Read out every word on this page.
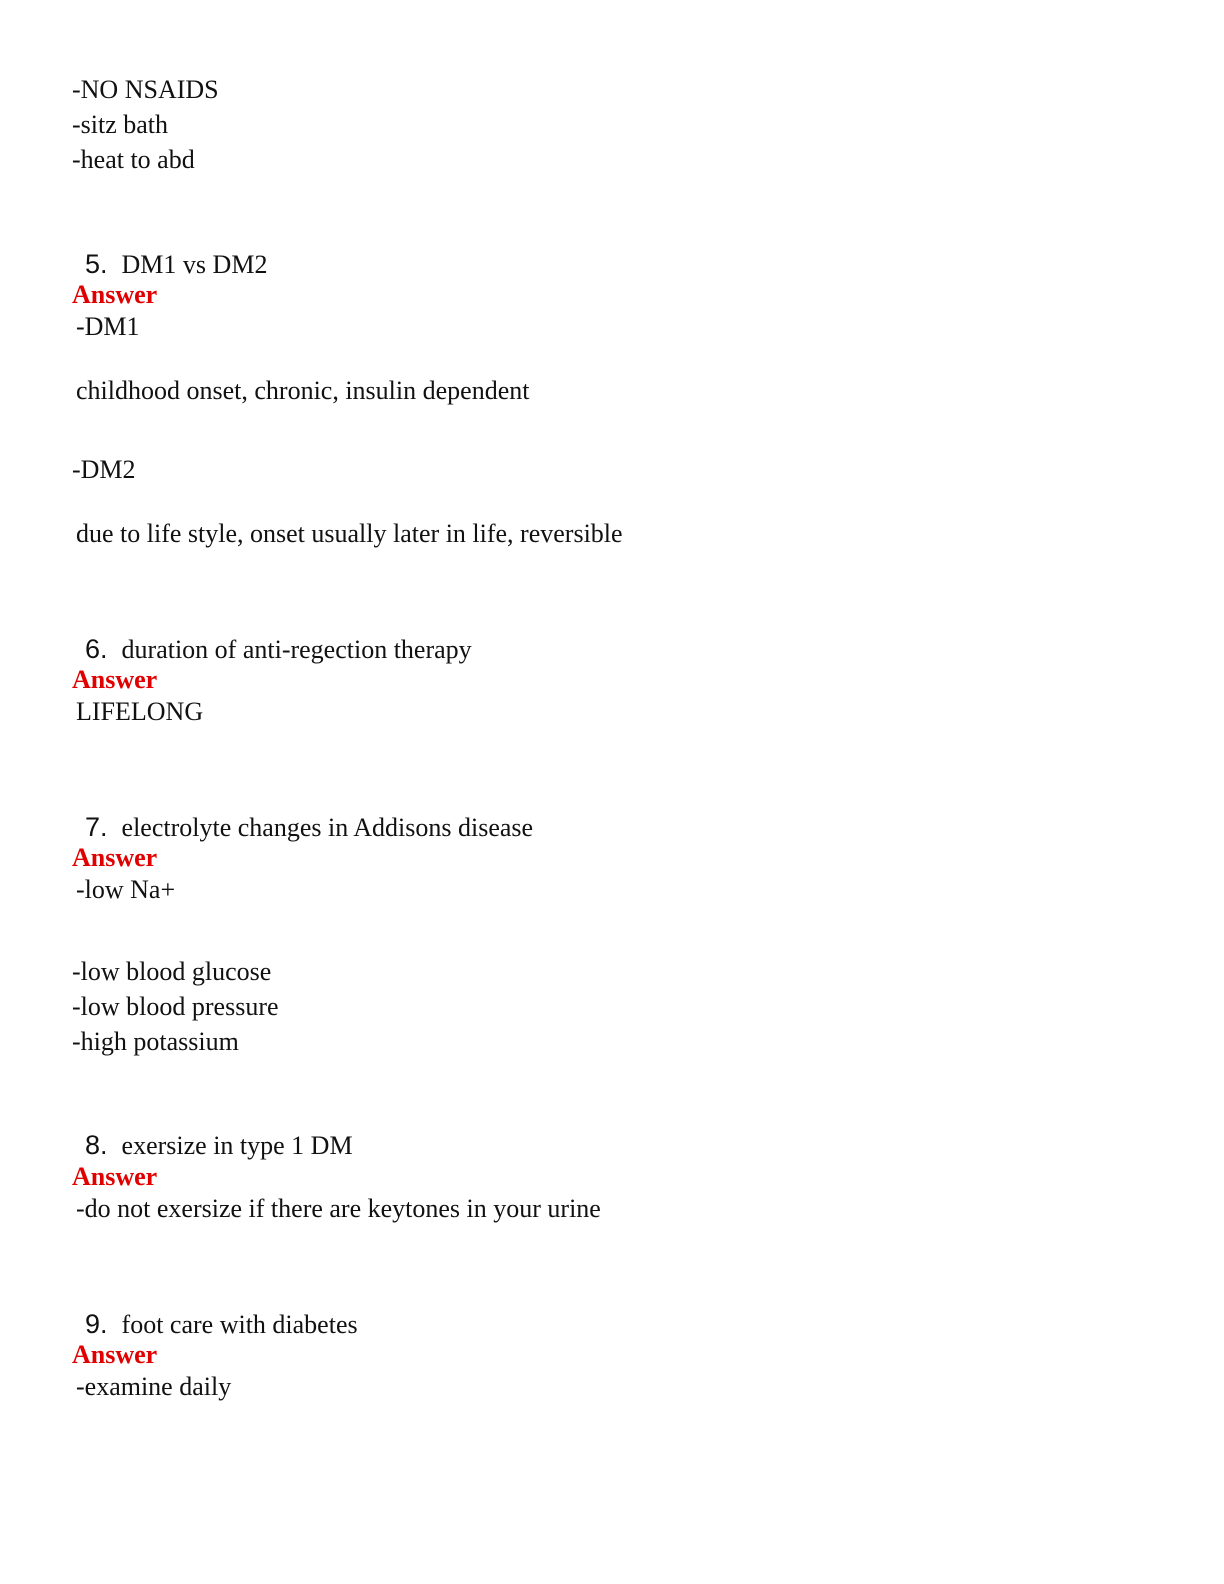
-NO NSAIDS
-sitz bath
-heat to abd

5. DM1 vs DM2

Answer
-DM1
childhood onset, chronic, insulin dependent
-DM2
due to life style, onset usually later in life, reversible

6. duration of anti-regection therapy

Answer
LIFELONG

7. electrolyte changes in Addisons disease

Answer
-low Na+
-low blood glucose
-low blood pressure
-high potassium

8. exersize in type 1 DM

Answer
-do not exersize if there are keytones in your urine

9. foot care with diabetes

Answer
-examine daily
